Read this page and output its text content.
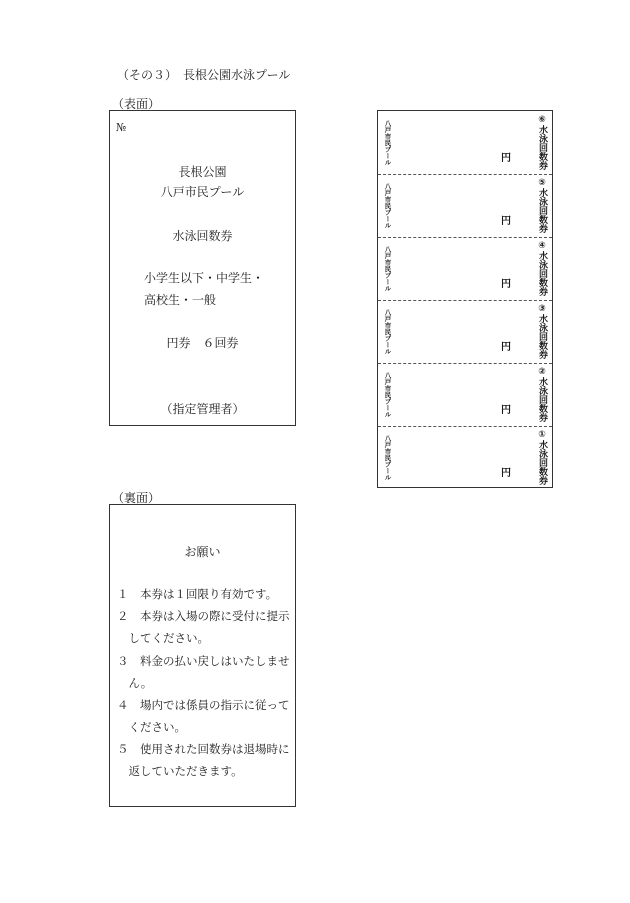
（その３）　長根公園水泳プール
（表面）
№
長根公園
八戸市民プール
水泳回数券
小学生以下・中学生・
高校生・一般
円券　６回券
（指定管理者）
（裏面）
お願い
１　本券は１回限り有効です。
２　本券は入場の際に受付に提示
　してください。
３　料金の払い戻しはいたしませ
　ん。
４　場内では係員の指示に従って
　ください。
５　使用された回数券は退場時に
　返していただきます。
八戸市民プール	円	⑥水泳回数券
八戸市民プール	円	⑤水泳回数券
八戸市民プール	円	④水泳回数券
八戸市民プール	円	③水泳回数券
八戸市民プール	円	②水泳回数券
八戸市民プール	円	①水泳回数券
